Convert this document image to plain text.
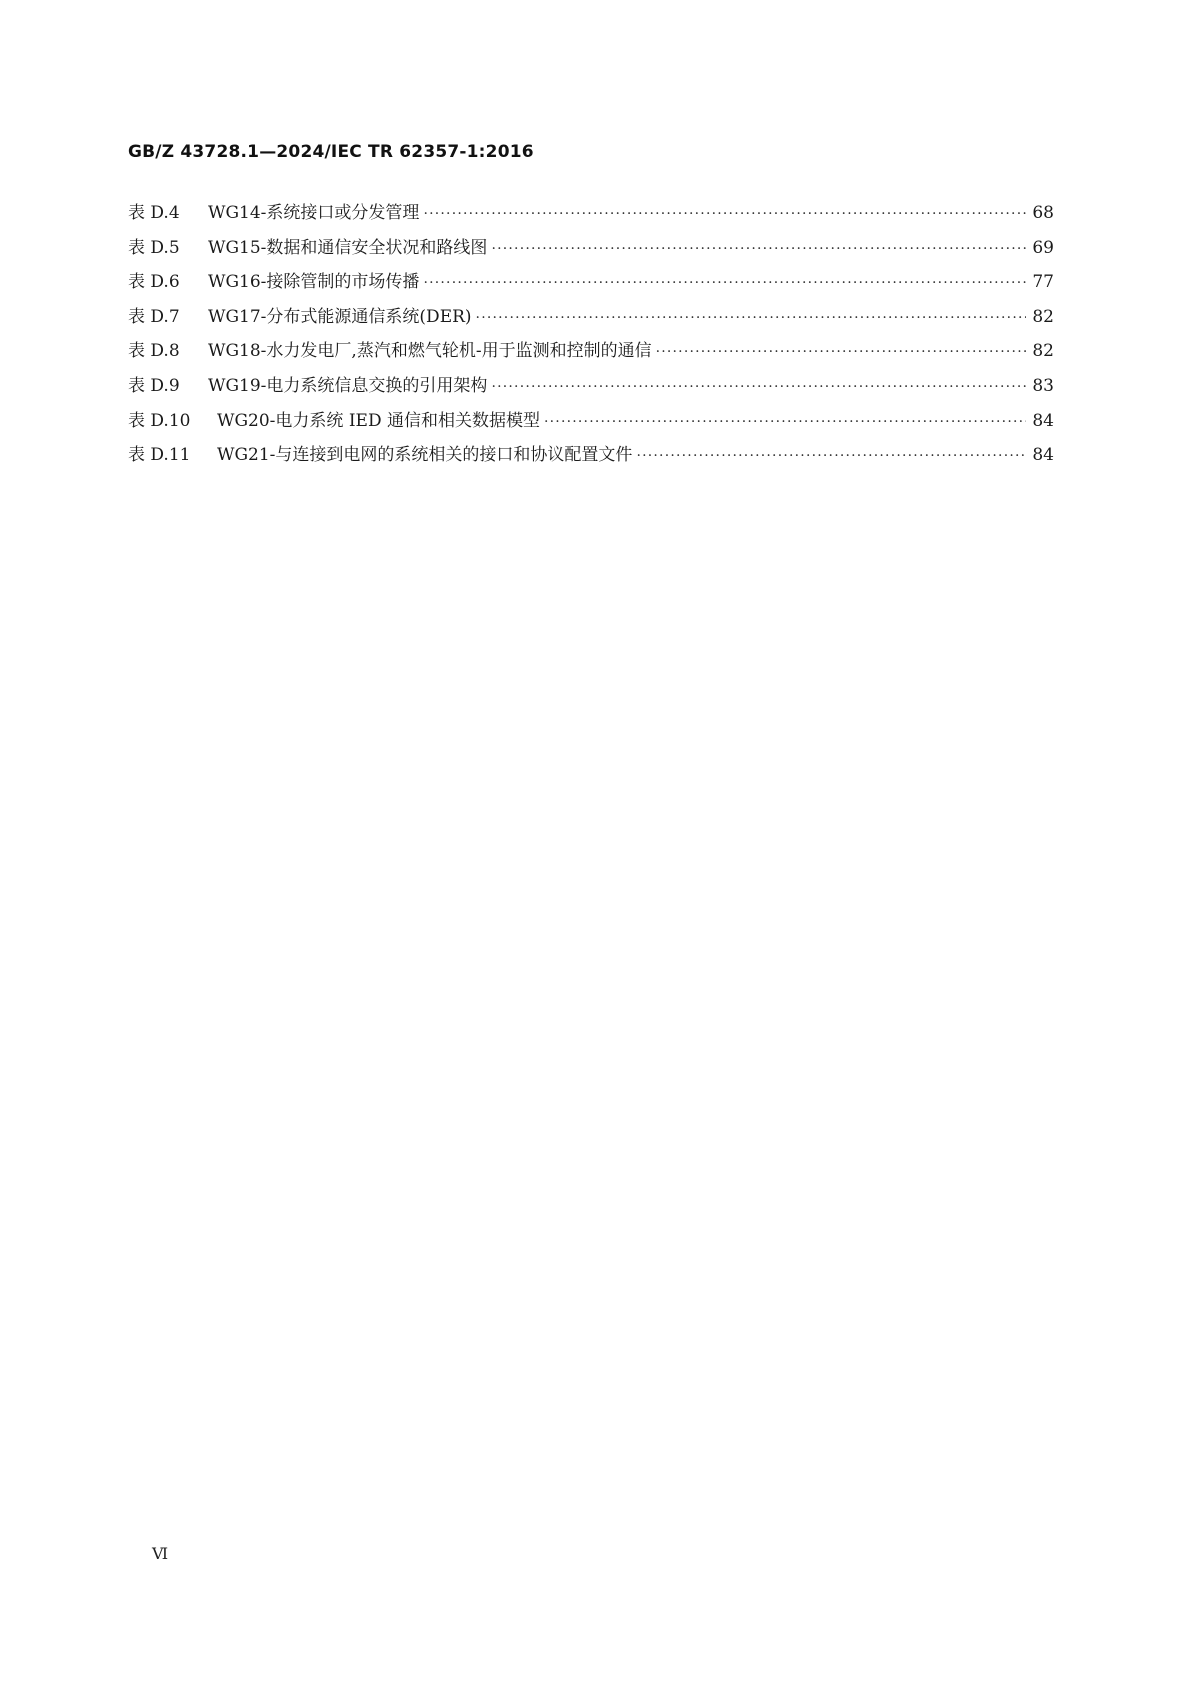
GB/Z 43728.1—2024/IEC TR 62357-1:2016
表 D.4	WG14-系统接口或分发管理 ·····	68
表 D.5	WG15-数据和通信安全状况和路线图 ·····	69
表 D.6	WG16-接除管制的市场传播 ·····	77
表 D.7	WG17-分布式能源通信系统(DER) ·····	82
表 D.8	WG18-水力发电厂,蒸汽和燃气轮机-用于监测和控制的通信 ·····	82
表 D.9	WG19-电力系统信息交换的引用架构 ·····	83
表 D.10	WG20-电力系统 IED 通信和相关数据模型 ·····	84
表 D.11	WG21-与连接到电网的系统相关的接口和协议配置文件 ·····	84
Ⅵ
